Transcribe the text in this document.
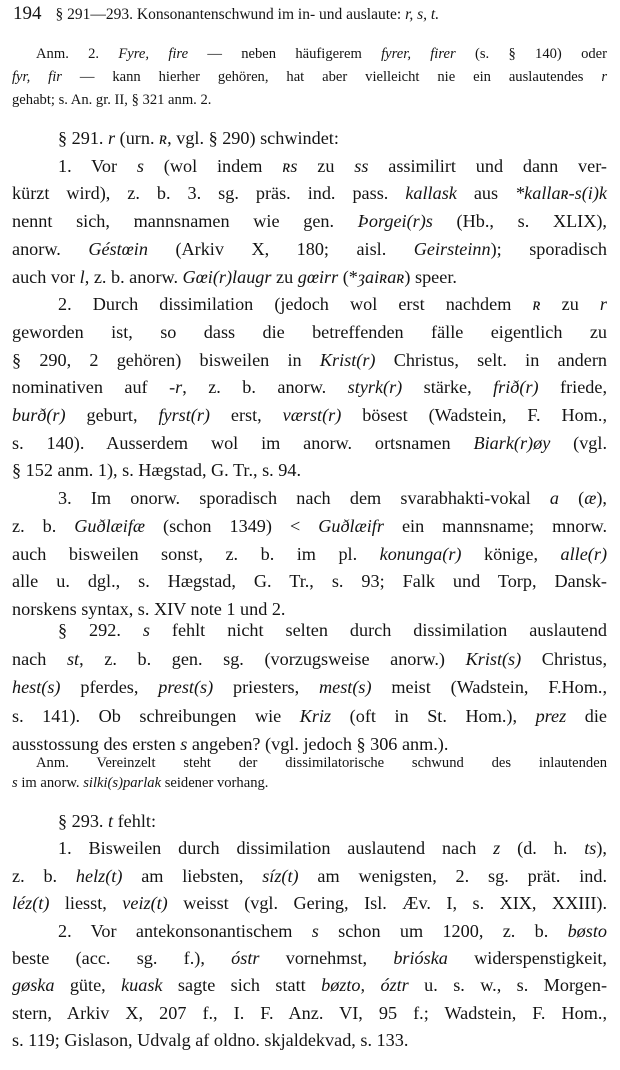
194 § 291—293. Konsonantenschwund im in- und auslaute: r, s, t.
Anm. 2. Fyre, fire — neben häufigerem fyrer, firer (s. § 140) oder
fyr, fir — kann hierher gehören, hat aber vielleicht nie ein auslautendes r
gehabt; s. An. gr. II, § 321 anm. 2.
§ 291. r (urn. ʀ, vgl. § 290) schwindet:
1. Vor s (wol indem ʀs zu ss assimilirt und dann ver-
kürzt wird), z. b. 3. sg. präs. ind. pass. kallask aus *kallaʀ-s(i)k
nennt sich, mannsnamen wie gen. Þorgei(r)s (Hb., s. XLIX),
anorw. Géstœin (Arkiv X, 180; aisl. Geirsteinn); sporadisch
auch vor l, z. b. anorw. Gœi(r)laugr zu gœirr (*ȝaiʀaʀ) speer.
2. Durch dissimilation (jedoch wol erst nachdem ʀ zu r
geworden ist, so dass die betreffenden fälle eigentlich zu
§ 290, 2 gehören) bisweilen in Krist(r) Christus, selt. in andern
nominativen auf -r, z. b. anorw. styrk(r) stärke, frið(r) friede,
burð(r) geburt, fyrst(r) erst, værst(r) bösest (Wadstein, F. Hom.,
s. 140). Ausserdem wol im anorw. ortsnamen Biark(r)øy (vgl.
§ 152 anm. 1), s. Hægstad, G. Tr., s. 94.
3. Im onorw. sporadisch nach dem svarabhakti-vokal a (æ),
z. b. Guðlæifæ (schon 1349) < Guðlæifr ein mannsname; mnorw.
auch bisweilen sonst, z. b. im pl. konunga(r) könige, alle(r)
alle u. dgl., s. Hægstad, G. Tr., s. 93; Falk und Torp, Dansk-
norskens syntax, s. XIV note 1 und 2.
§ 292. s fehlt nicht selten durch dissimilation auslautend
nach st, z. b. gen. sg. (vorzugsweise anorw.) Krist(s) Christus,
hest(s) pferdes, prest(s) priesters, mest(s) meist (Wadstein, F.Hom.,
s. 141). Ob schreibungen wie Kriz (oft in St. Hom.), prez die
ausstossung des ersten s angeben? (vgl. jedoch § 306 anm.).
Anm. Vereinzelt steht der dissimilatorische schwund des inlautenden
s im anorw. silki(s)parlak seidener vorhang.
§ 293. t fehlt:
1. Bisweilen durch dissimilation auslautend nach z (d. h. ts),
z. b. helz(t) am liebsten, síz(t) am wenigsten, 2. sg. prät. ind.
léz(t) liesst, veiz(t) weisst (vgl. Gering, Isl. Æv. I, s. XIX, XXIII).
2. Vor antekonsonantischem s schon um 1200, z. b. bøsto
beste (acc. sg. f.), óstr vornehmst, brióska widerspenstigkeit,
gøska güte, kuask sagte sich statt bøzto, óztr u. s. w., s. Morgen-
stern, Arkiv X, 207 f., I. F. Anz. VI, 95 f.; Wadstein, F. Hom.,
s. 119; Gislason, Udvalg af oldno. skjaldekvad, s. 133.
